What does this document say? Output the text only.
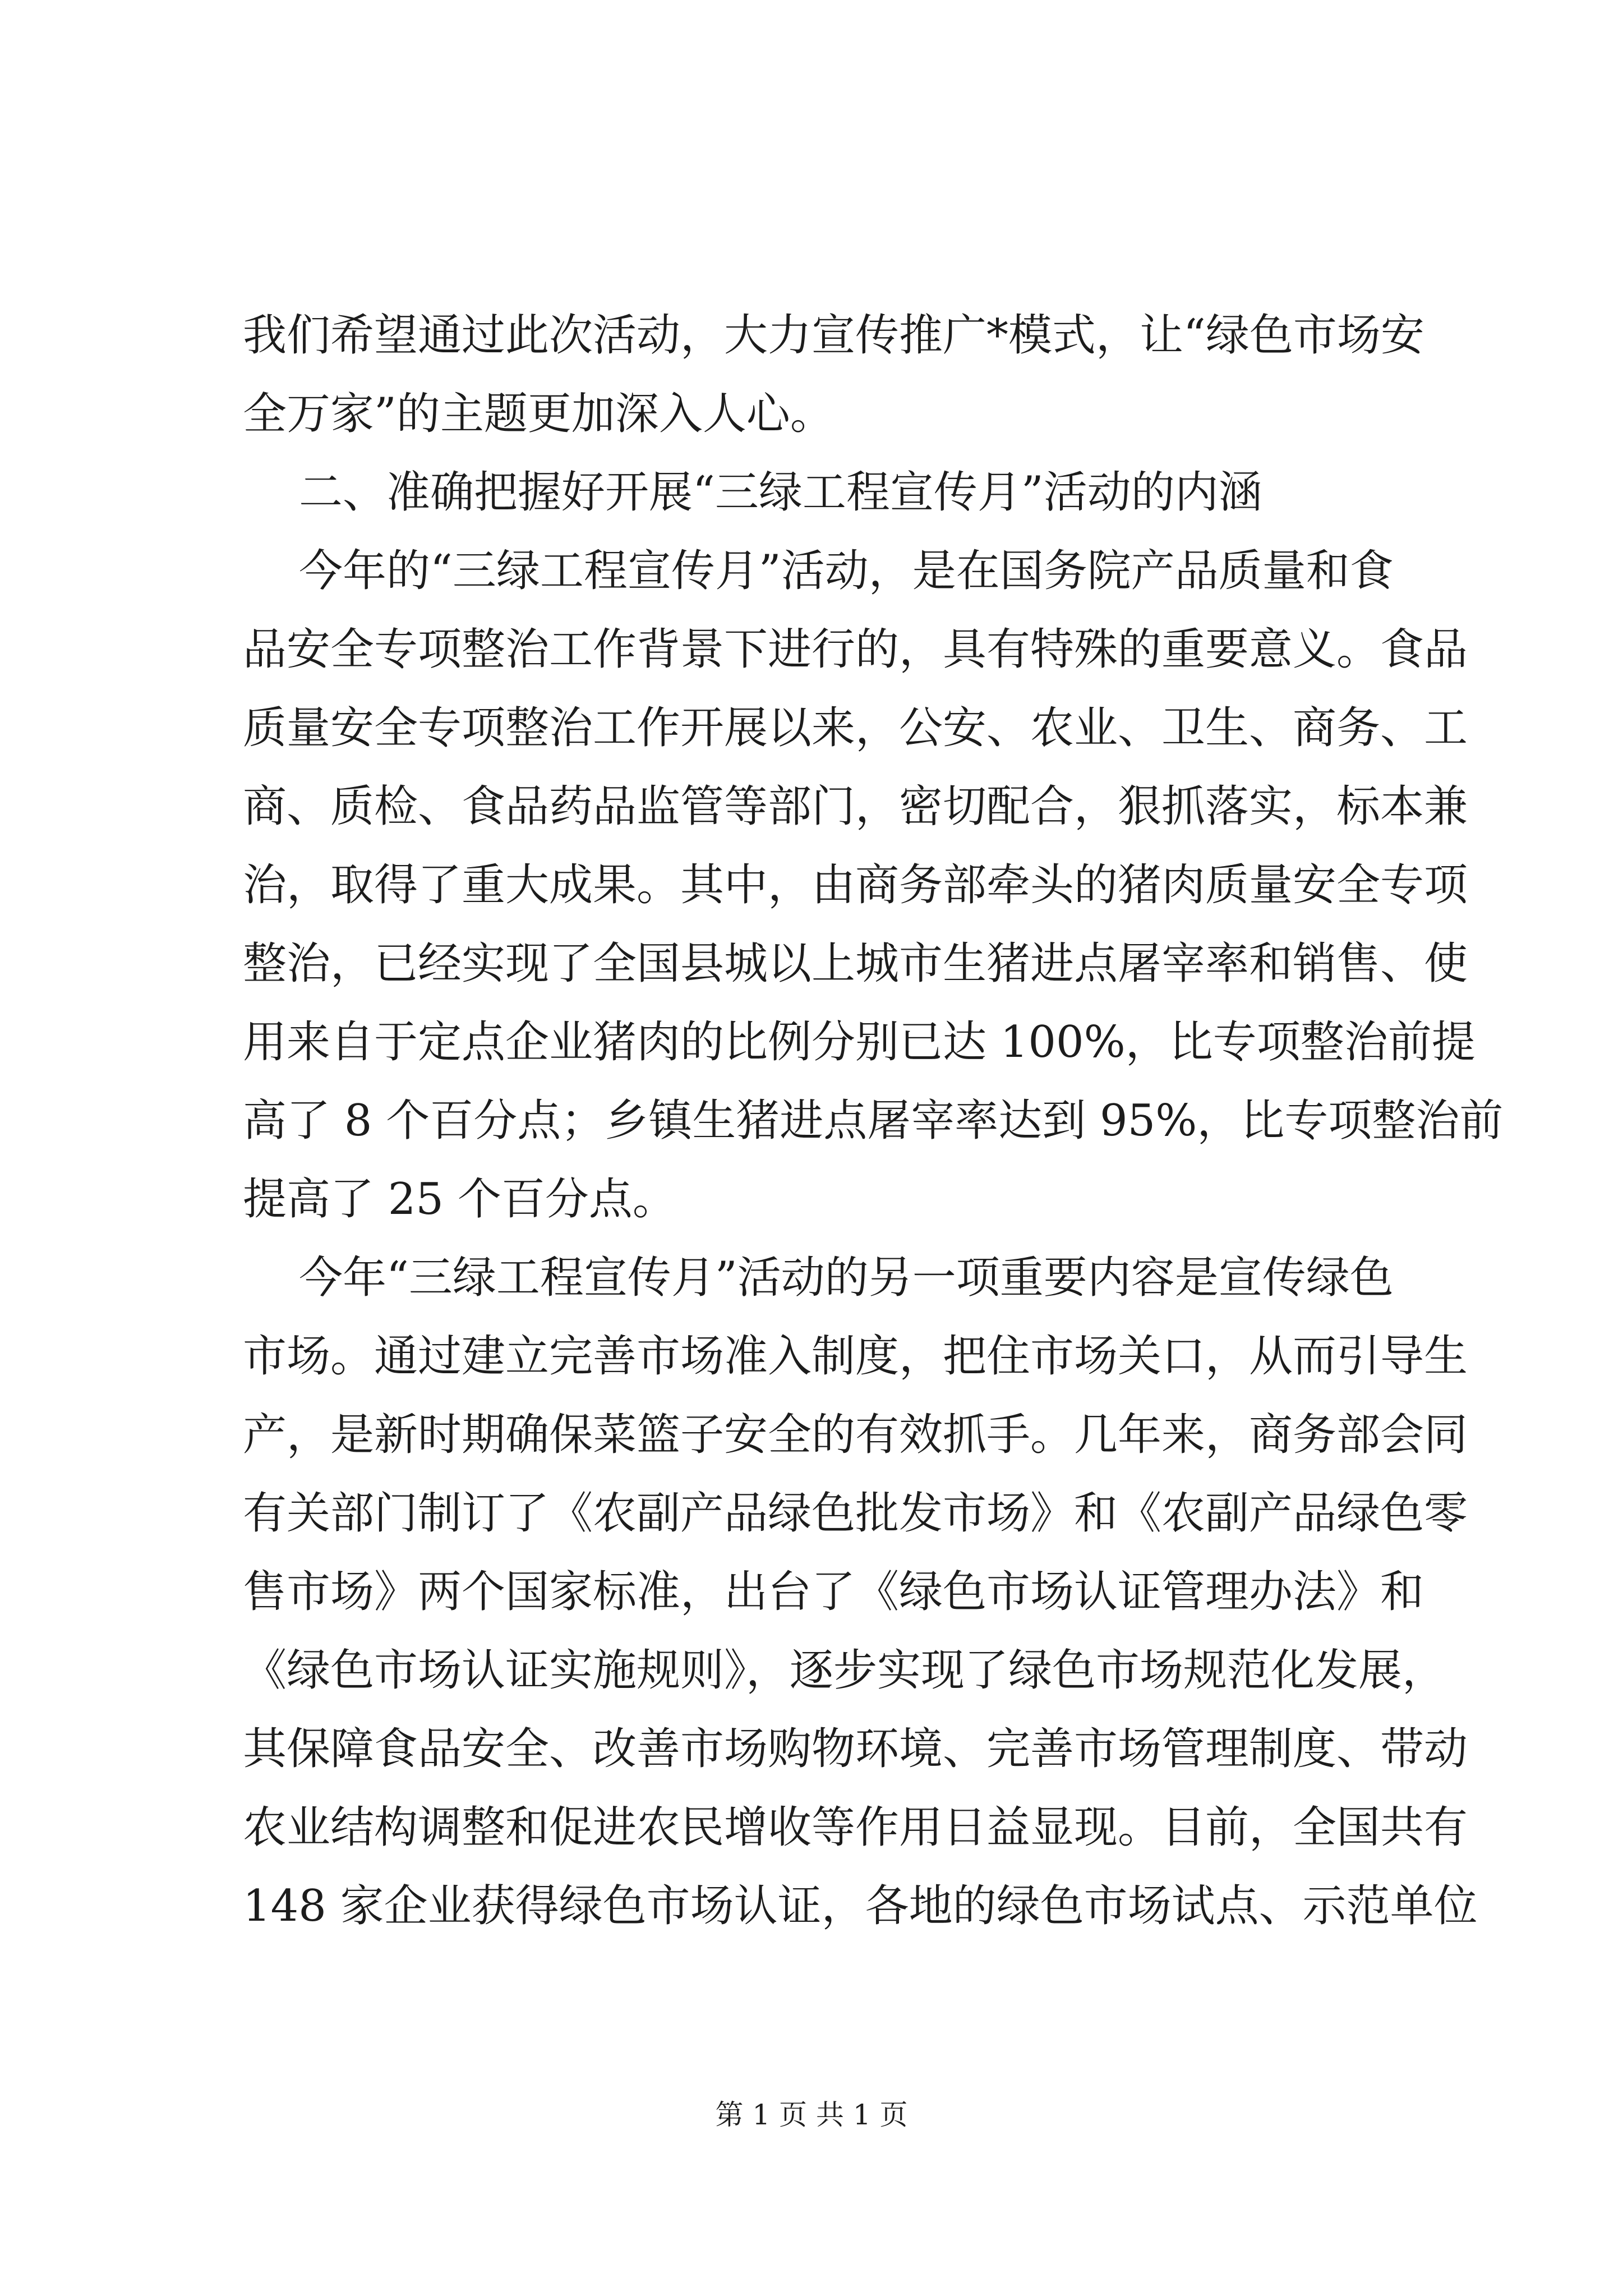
我们希望通过此次活动，大力宣传推广*模式，让“绿色市场安
全万家”的主题更加深入人心。
二、准确把握好开展“三绿工程宣传月”活动的内涵
今年的“三绿工程宣传月”活动，是在国务院产品质量和食
品安全专项整治工作背景下进行的，具有特殊的重要意义。食品
质量安全专项整治工作开展以来，公安、农业、卫生、商务、工
商、质检、食品药品监管等部门，密切配合，狠抓落实，标本兼
治，取得了重大成果。其中，由商务部牵头的猪肉质量安全专项
整治，已经实现了全国县城以上城市生猪进点屠宰率和销售、使
用来自于定点企业猪肉的比例分别已达 100%，比专项整治前提
高了 8 个百分点；乡镇生猪进点屠宰率达到 95%，比专项整治前
提高了 25 个百分点。
今年“三绿工程宣传月”活动的另一项重要内容是宣传绿色
市场。通过建立完善市场准入制度，把住市场关口，从而引导生
产，是新时期确保菜篮子安全的有效抓手。几年来，商务部会同
有关部门制订了《农副产品绿色批发市场》和《农副产品绿色零
售市场》两个国家标准，出台了《绿色市场认证管理办法》和
《绿色市场认证实施规则》，逐步实现了绿色市场规范化发展，
其保障食品安全、改善市场购物环境、完善市场管理制度、带动
农业结构调整和促进农民增收等作用日益显现。目前，全国共有
148 家企业获得绿色市场认证，各地的绿色市场试点、示范单位
第 1 页 共 1 页
